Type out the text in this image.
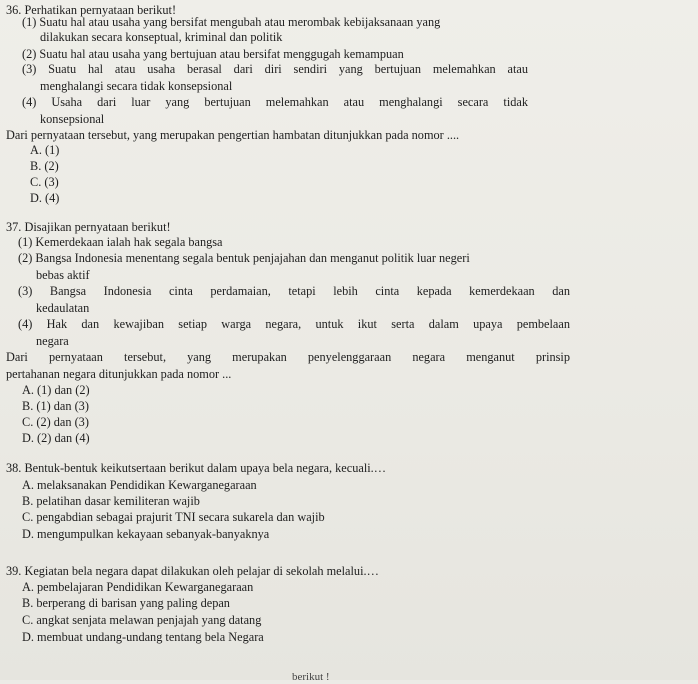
36. Perhatikan pernyataan berikut!
(1) Suatu hal atau usaha yang bersifat mengubah atau merombak kebijaksanaan yang
dilakukan secara konseptual, kriminal dan politik
(2) Suatu hal atau usaha yang bertujuan atau bersifat menggugah kemampuan
(3) Suatu hal atau usaha berasal dari diri sendiri yang bertujuan melemahkan atau
menghalangi secara tidak konsepsional
(4) Usaha dari luar yang bertujuan melemahkan atau menghalangi secara tidak
konsepsional
Dari pernyataan tersebut, yang merupakan pengertian hambatan ditunjukkan pada nomor ....
A. (1)
B. (2)
C. (3)
D. (4)
37. Disajikan pernyataan berikut!
(1) Kemerdekaan ialah hak segala bangsa
(2) Bangsa Indonesia menentang segala bentuk penjajahan dan menganut politik luar negeri
bebas aktif
(3) Bangsa Indonesia cinta perdamaian, tetapi lebih cinta kepada kemerdekaan dan
kedaulatan
(4) Hak dan kewajiban setiap warga negara, untuk ikut serta dalam upaya pembelaan
negara
Dari pernyataan tersebut, yang merupakan penyelenggaraan negara menganut prinsip
pertahanan negara ditunjukkan pada nomor ...
A. (1) dan (2)
B. (1) dan (3)
C. (2) dan (3)
D. (2) dan (4)
38. Bentuk-bentuk keikutsertaan berikut dalam upaya bela negara, kecuali.…
A. melaksanakan Pendidikan Kewarganegaraan
B. pelatihan dasar kemiliteran wajib
C. pengabdian sebagai prajurit TNI secara sukarela dan wajib
D. mengumpulkan kekayaan sebanyak-banyaknya
39. Kegiatan bela negara dapat dilakukan oleh pelajar di sekolah melalui.…
A. pembelajaran Pendidikan Kewarganegaraan
B. berperang di barisan yang paling depan
C. angkat senjata melawan penjajah yang datang
D. membuat undang-undang tentang bela Negara
berikut !
